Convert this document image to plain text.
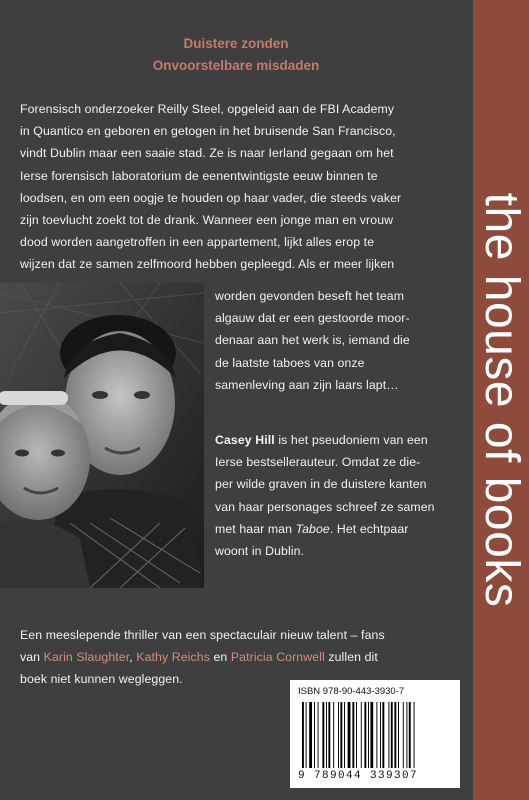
Duistere zonden
Onvoorstelbare misdaden
Forensisch onderzoeker Reilly Steel, opgeleid aan de FBI Academy
in Quantico en geboren en getogen in het bruisende San Francisco,
vindt Dublin maar een saaie stad. Ze is naar Ierland gegaan om het
Ierse forensisch laboratorium de eenentwintigste eeuw binnen te
loodsen, en om een oogje te houden op haar vader, die steeds vaker
zijn toevlucht zoekt tot de drank. Wanneer een jonge man en vrouw
dood worden aangetroffen in een appartement, lijkt alles erop te
wijzen dat ze samen zelfmoord hebben gepleegd. Als er meer lijken
worden gevonden beseft het team
algauw dat er een gestoorde moor-
denaar aan het werk is, iemand die
de laatste taboes van onze
samenleving aan zijn laars lapt…
Casey Hill is het pseudoniem van een
Ierse bestsellerauteur. Omdat ze die-
per wilde graven in de duistere kanten
van haar personages schreef ze samen
met haar man Taboe. Het echtpaar
woont in Dublin.
Een meeslepende thriller van een spectaculair nieuw talent – fans
van Karin Slaughter, Kathy Reichs en Patricia Cornwell zullen dit
boek niet kunnen wegleggen.
ISBN 978-90-443-3930-7
9 789044 339307
the house of books
